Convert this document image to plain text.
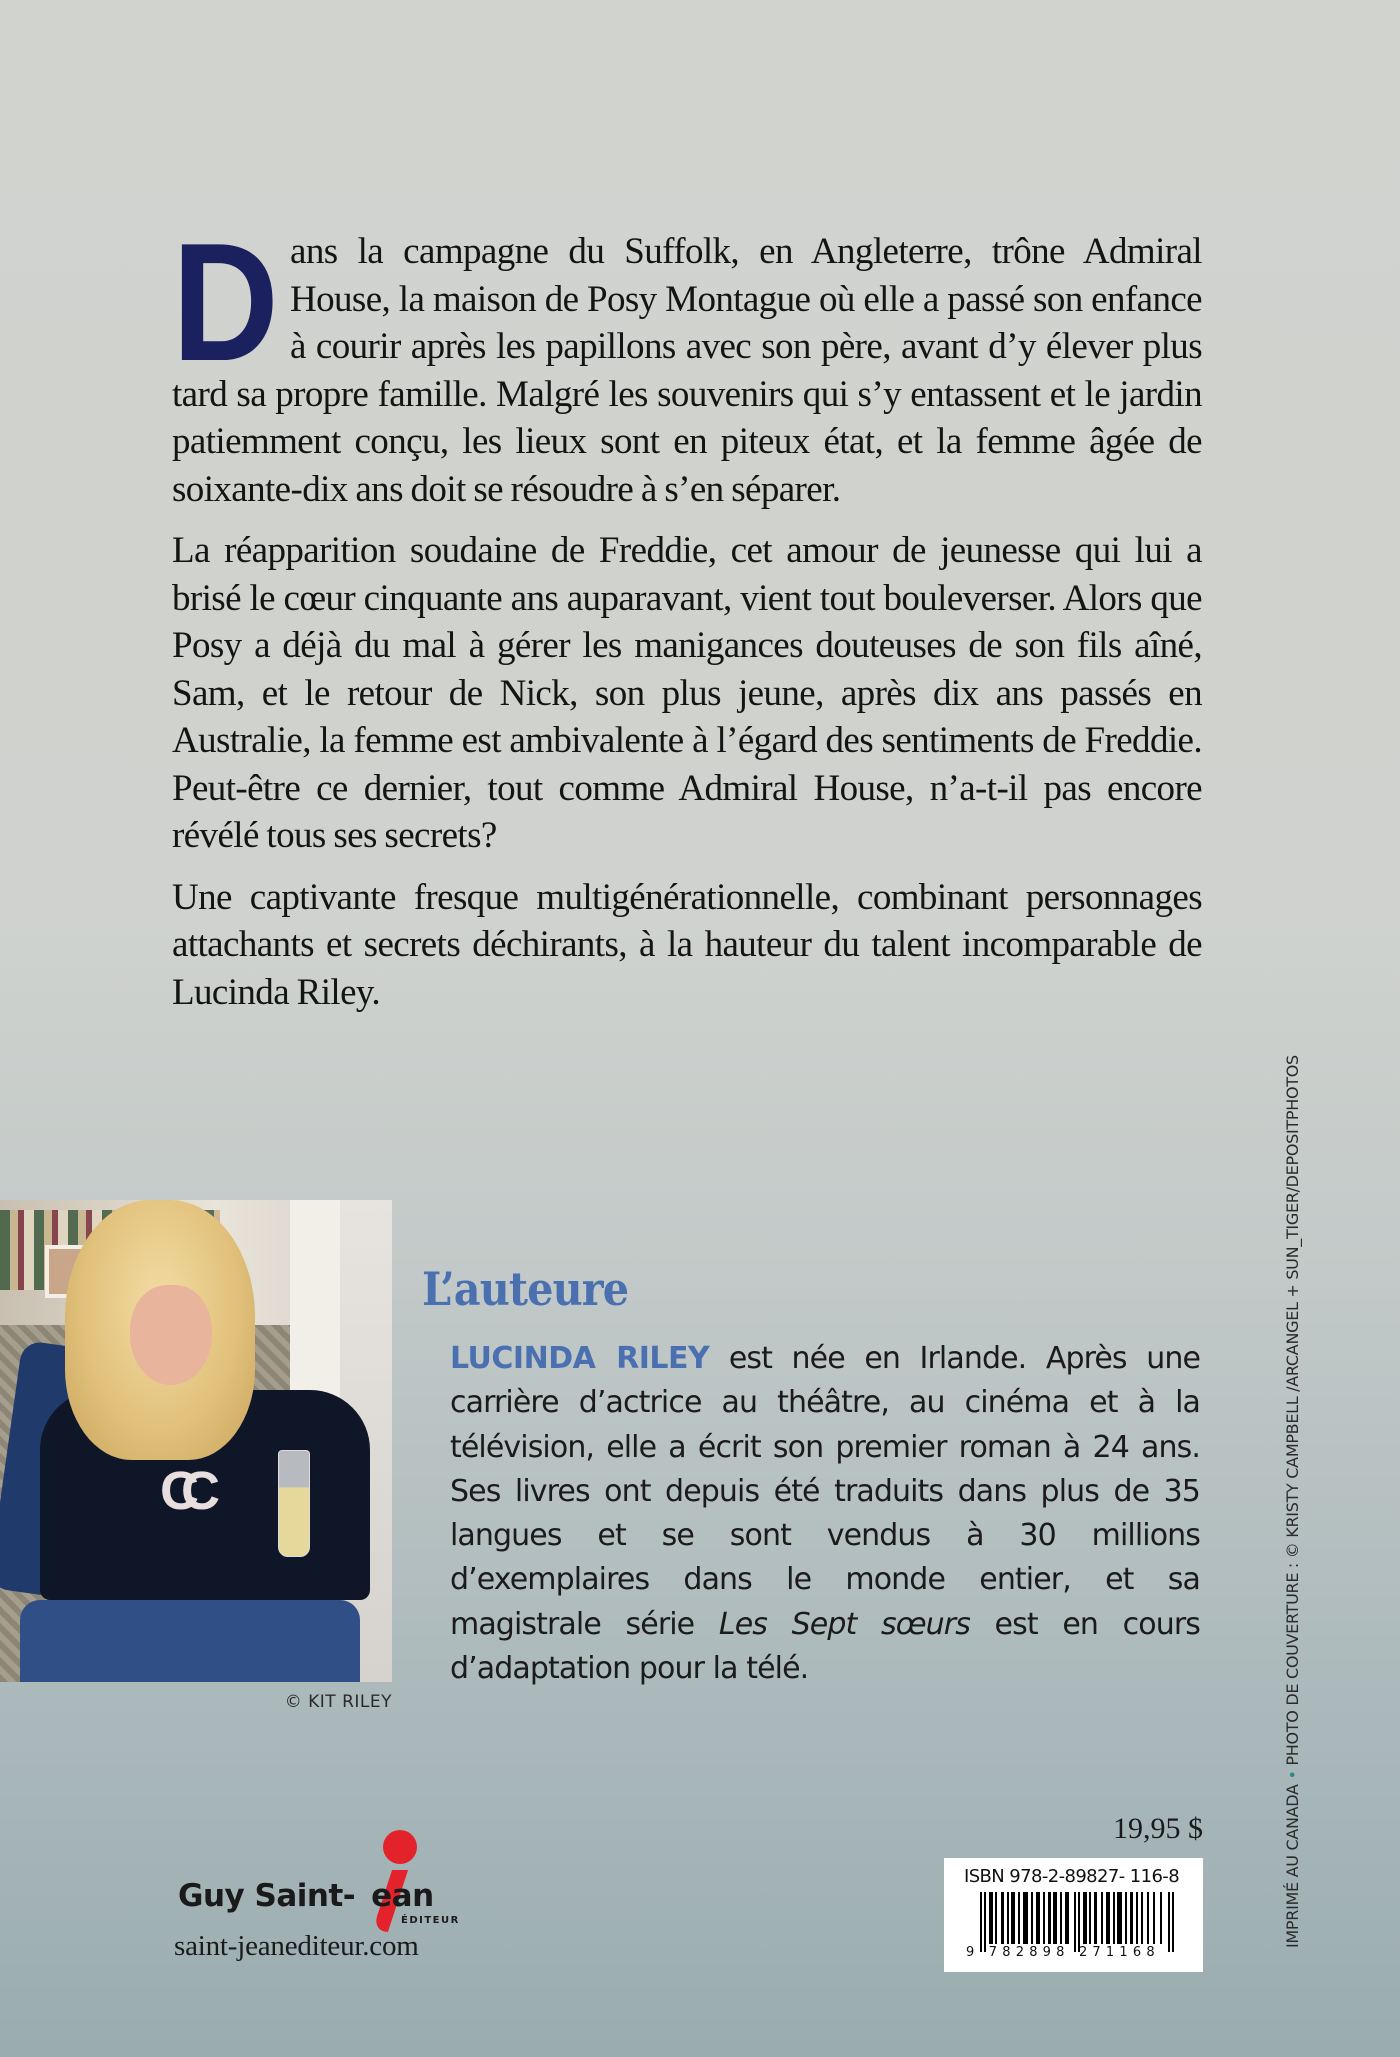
Dans la campagne du Suffolk, en Angleterre, trône Admiral House, la maison de Posy Montague où elle a passé son enfance à courir après les papillons avec son père, avant d’y élever plus tard sa propre famille. Malgré les souvenirs qui s’y entassent et le jardin patiemment conçu, les lieux sont en piteux état, et la femme âgée de soixante-dix ans doit se résoudre à s’en séparer.

La réapparition soudaine de Freddie, cet amour de jeunesse qui lui a brisé le cœur cinquante ans auparavant, vient tout bouleverser. Alors que Posy a déjà du mal à gérer les manigances douteuses de son fils aîné, Sam, et le retour de Nick, son plus jeune, après dix ans passés en Australie, la femme est ambivalente à l’égard des sentiments de Freddie. Peut-être ce dernier, tout comme Admiral House, n’a-t-il pas encore révélé tous ses secrets?

Une captivante fresque multigénérationnelle, combinant personnages attachants et secrets déchirants, à la hauteur du talent incomparable de Lucinda Riley.

CC
© KIT RILEY
L’auteure
LUCINDA RILEY est née en Irlande. Après une carrière d’actrice au théâtre, au cinéma et à la télévision, elle a écrit son premier roman à 24 ans. Ses livres ont depuis été traduits dans plus de 35 langues et se sont vendus à 30 millions d’exemplaires dans le monde entier, et sa magistrale série Les Sept sœurs est en cours d’adaptation pour la télé.
Guy Saint- ean
ÉDITEUR
saint-jeanediteur.com
19,95 $
ISBN 978-2-89827- 116-8
9 782898 271168
IMPRIMÉ AU CANADA • PHOTO DE COUVERTURE : © KRISTY CAMPBELL /ARCANGEL + SUN_TIGER/DEPOSITPHOTOS
